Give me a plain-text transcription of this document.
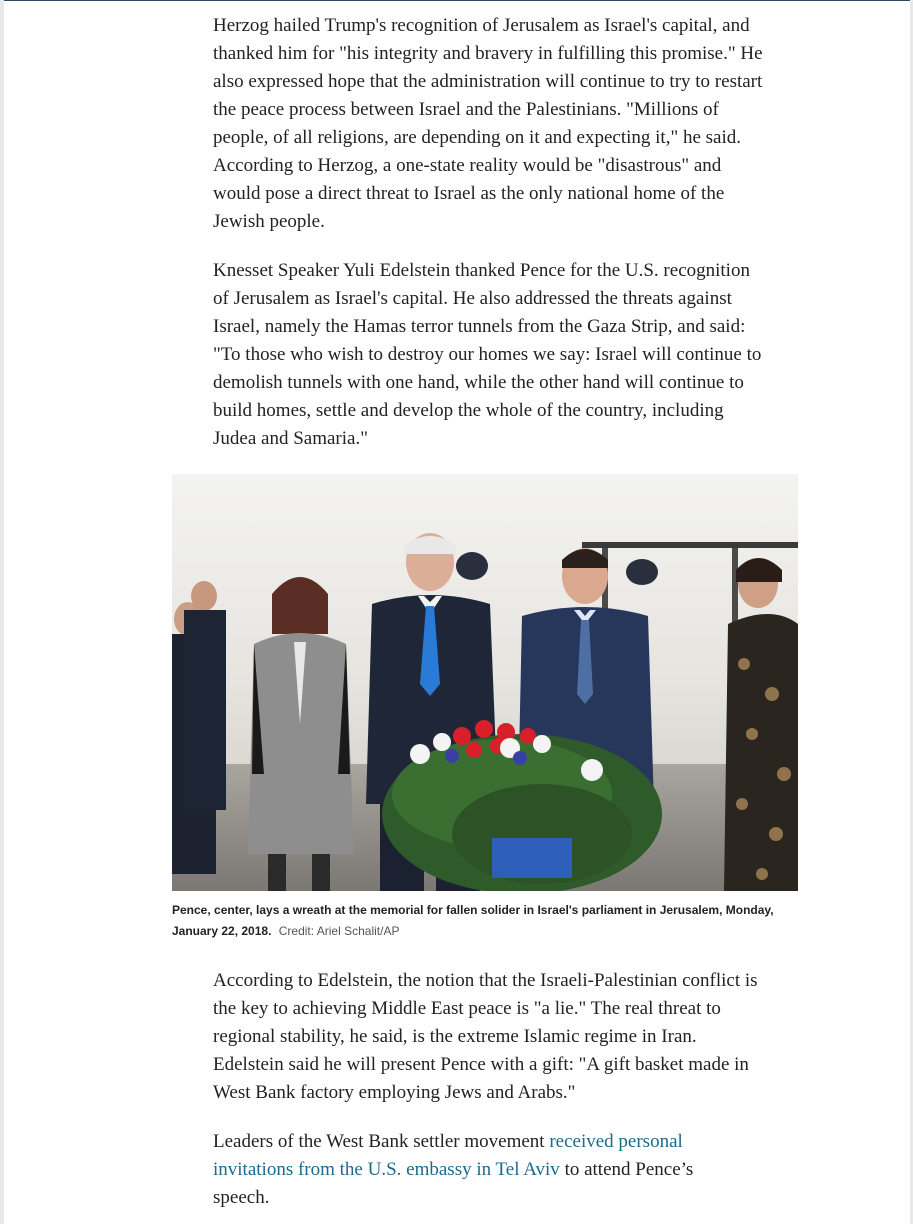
Herzog hailed Trump's recognition of Jerusalem as Israel's capital, and thanked him for "his integrity and bravery in fulfilling this promise." He also expressed hope that the administration will continue to try to restart the peace process between Israel and the Palestinians. "Millions of people, of all religions, are depending on it and expecting it," he said. According to Herzog, a one-state reality would be "disastrous" and would pose a direct threat to Israel as the only national home of the Jewish people.

Knesset Speaker Yuli Edelstein thanked Pence for the U.S. recognition of Jerusalem as Israel's capital. He also addressed the threats against Israel, namely the Hamas terror tunnels from the Gaza Strip, and said: "To those who wish to destroy our homes we say: Israel will continue to demolish tunnels with one hand, while the other hand will continue to build homes, settle and develop the whole of the country, including Judea and Samaria."

Pence, center, lays a wreath at the memorial for fallen solider in Israel's parliament in Jerusalem, Monday, January 22, 2018. Credit: Ariel Schalit/AP

According to Edelstein, the notion that the Israeli-Palestinian conflict is the key to achieving Middle East peace is "a lie." The real threat to regional stability, he said, is the extreme Islamic regime in Iran. Edelstein said he will present Pence with a gift: "A gift basket made in West Bank factory employing Jews and Arabs."

Leaders of the West Bank settler movement received personal invitations from the U.S. embassy in Tel Aviv to attend Pence’s speech.
